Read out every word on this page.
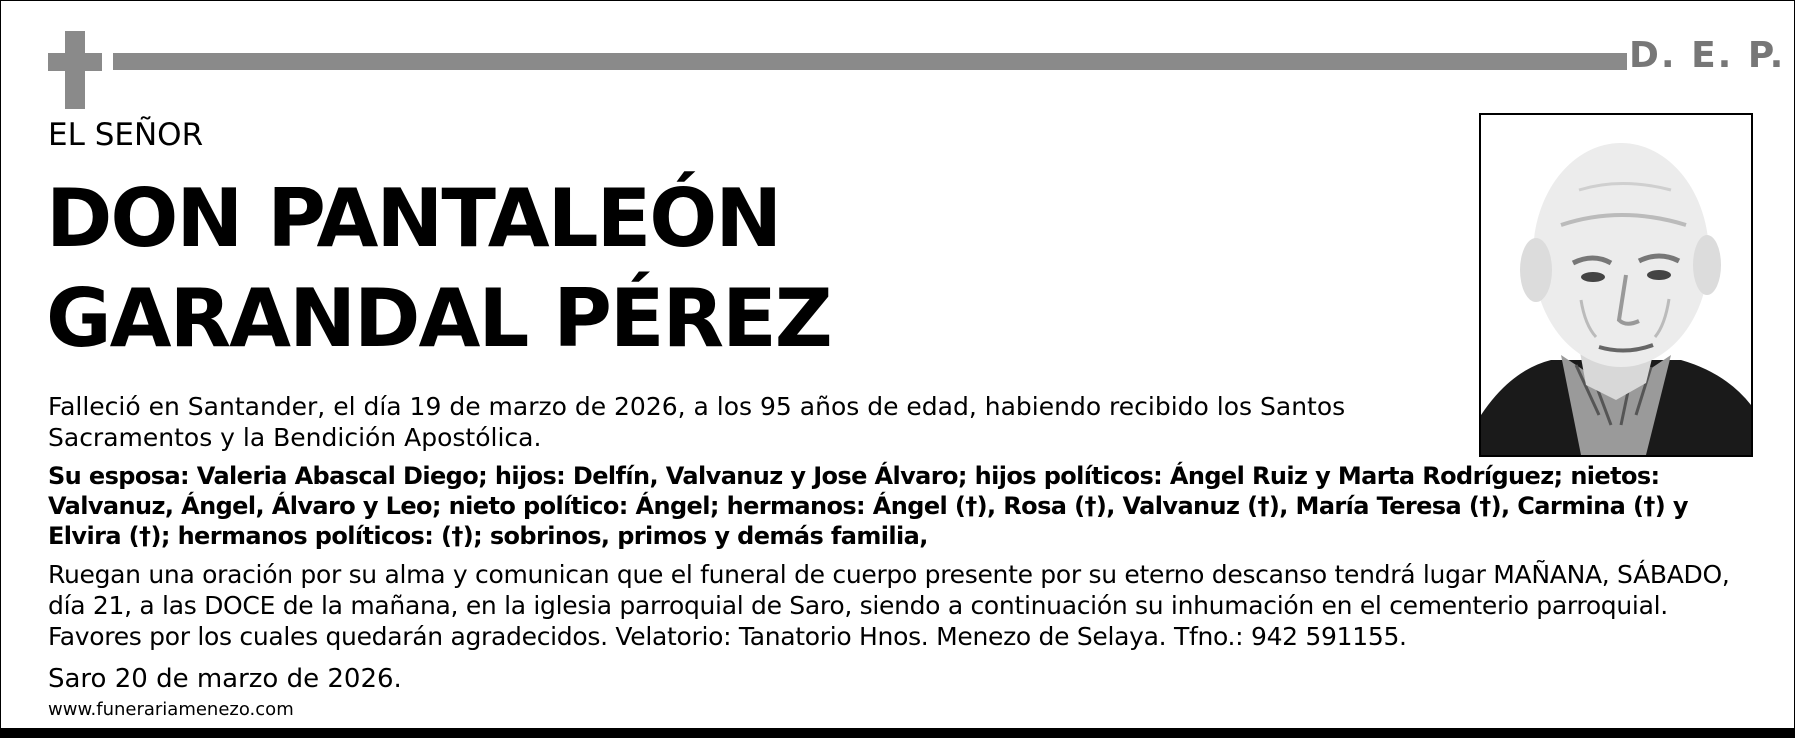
D. E. P.
EL SEÑOR
DON PANTALEÓN
GARANDAL PÉREZ
Falleció en Santander, el día 19 de marzo de 2026, a los 95 años de edad, habiendo recibido los Santos Sacramentos y la Bendición Apostólica.
Su esposa: Valeria Abascal Diego; hijos: Delfín, Valvanuz y Jose Álvaro; hijos políticos: Ángel Ruiz y Marta Rodríguez; nietos: Valvanuz, Ángel, Álvaro y Leo; nieto político: Ángel; hermanos: Ángel (†), Rosa (†), Valvanuz (†), María Teresa (†), Carmina (†) y Elvira (†); hermanos políticos: (†); sobrinos, primos y demás familia,
Ruegan una oración por su alma y comunican que el funeral de cuerpo presente por su eterno descanso tendrá lugar MAÑANA, SÁBADO, día 21, a las DOCE de la mañana, en la iglesia parroquial de Saro, siendo a continuación su inhumación en el cementerio parroquial. Favores por los cuales quedarán agradecidos. Velatorio: Tanatorio Hnos. Menezo de Selaya. Tfno.: 942 591155.
Saro 20 de marzo de 2026.
www.funerariamenezo.com
